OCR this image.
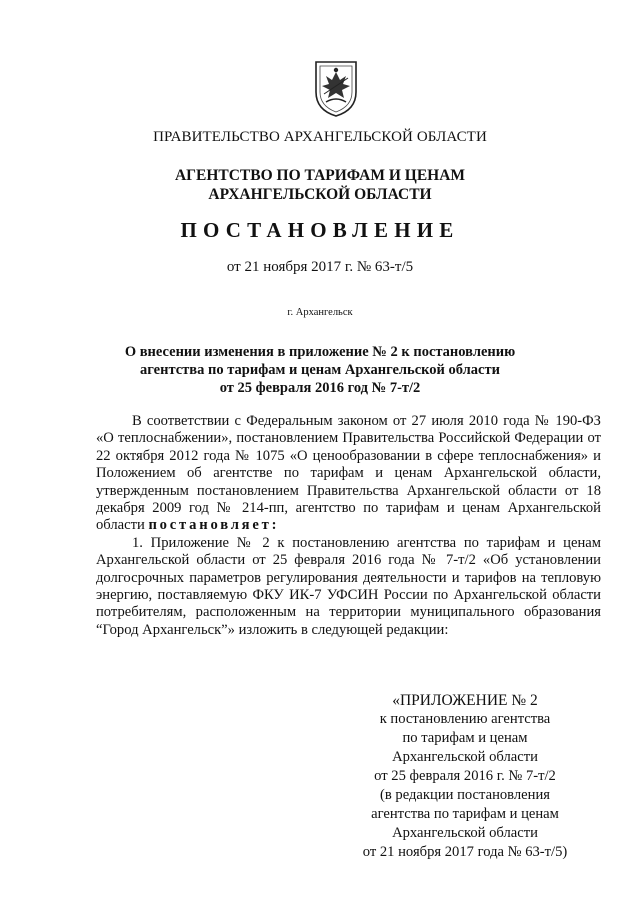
ПРАВИТЕЛЬСТВО АРХАНГЕЛЬСКОЙ ОБЛАСТИ
АГЕНТСТВО ПО ТАРИФАМ И ЦЕНАМ
АРХАНГЕЛЬСКОЙ ОБЛАСТИ
ПОСТАНОВЛЕНИЕ
от 21 ноября 2017 г. № 63-т/5
г. Архангельск
О внесении изменения в приложение № 2 к постановлению
агентства по тарифам и ценам Архангельской области
от 25 февраля 2016 год № 7-т/2

В соответствии с Федеральным законом от 27 июля 2010 года № 190-ФЗ «О теплоснабжении», постановлением Правительства Российской Федерации от 22 октября 2012 года № 1075 «О ценообразовании в сфере теплоснабжения» и Положением об агентстве по тарифам и ценам Архангельской области, утвержденным постановлением Правительства Архангельской области от 18 декабря 2009 год № 214-пп, агентство по тарифам и ценам Архангельской области постановляет:

1. Приложение № 2 к постановлению агентства по тарифам и ценам Архангельской области от 25 февраля 2016 года № 7-т/2 «Об установлении долгосрочных параметров регулирования деятельности и тарифов на тепловую энергию, поставляемую ФКУ ИК-7 УФСИН России по Архангельской области потребителям, расположенным на территории муниципального образования “Город Архангельск”» изложить в следующей редакции:

«ПРИЛОЖЕНИЕ № 2
к постановлению агентства
по тарифам и ценам
Архангельской области
от 25 февраля 2016 г. № 7-т/2
(в редакции постановления
агентства по тарифам и ценам
Архангельской области
от 21 ноября 2017 года № 63-т/5)
